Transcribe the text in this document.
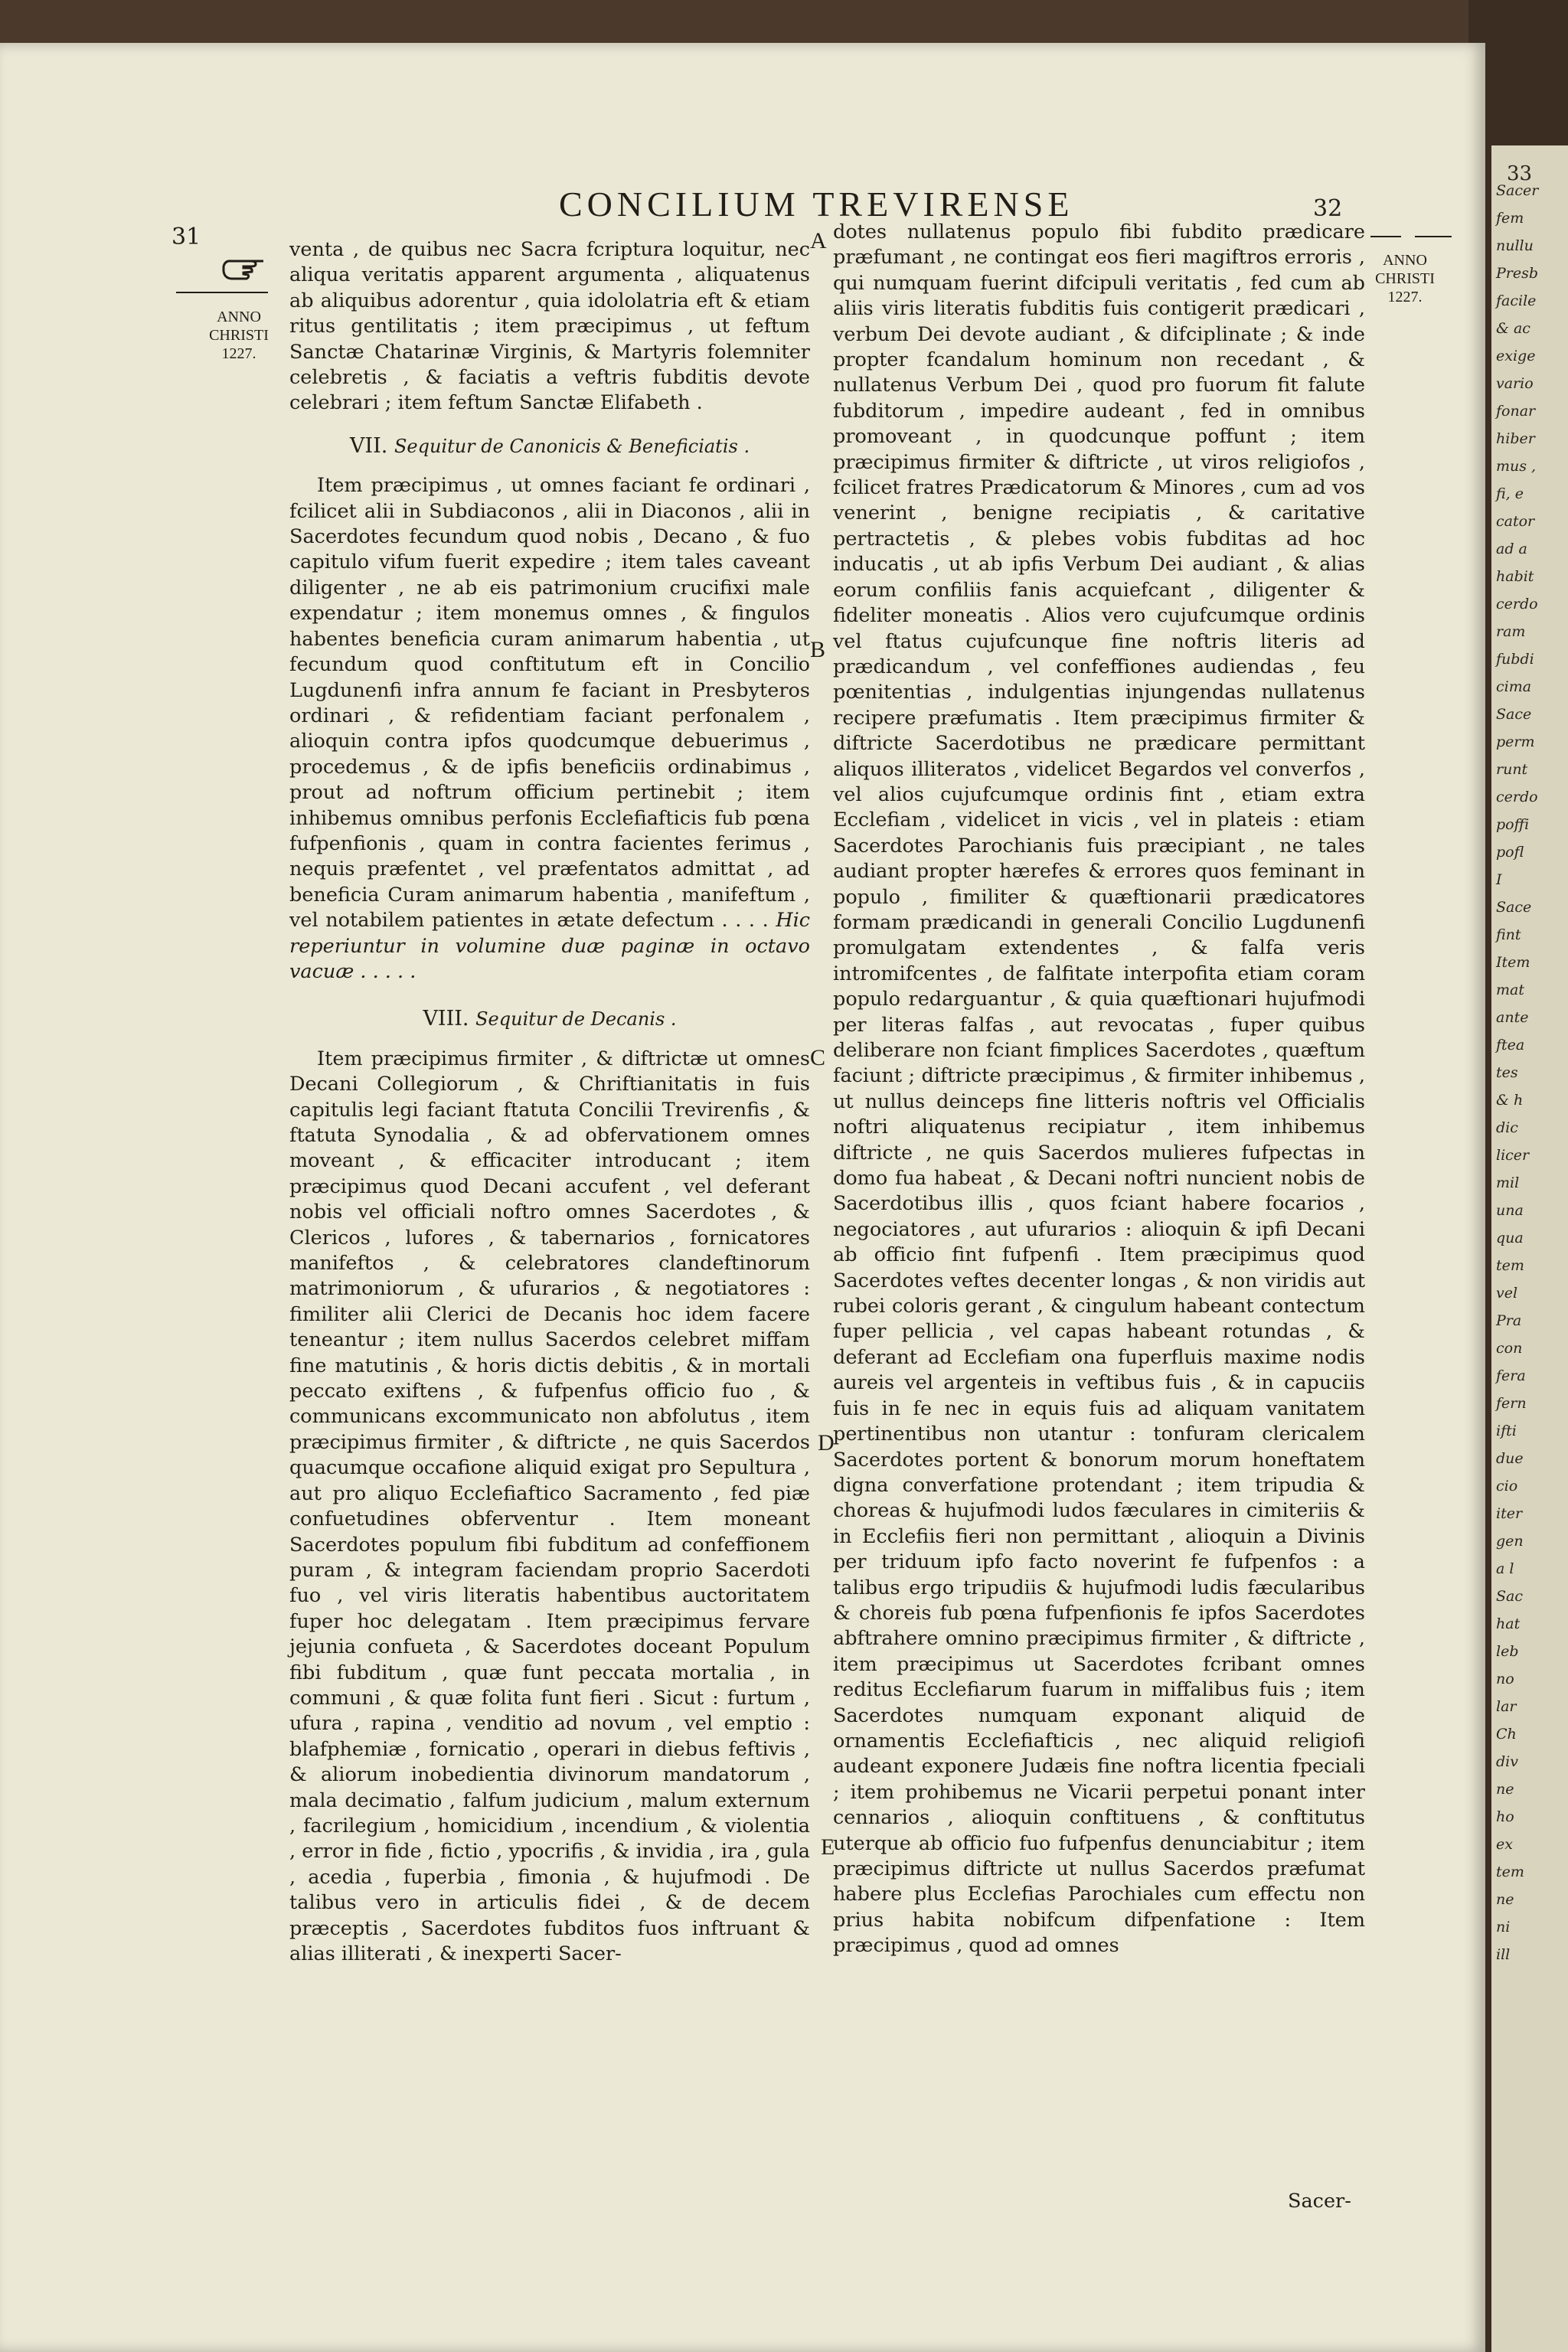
Sacer
fem
nullu
Presb
facile
& ac
exige
vario
fonar
hiber
mus ,
fi, e
cator
ad a
habit
cerdo
ram
fubdi
cima
Sace
perm
runt
cerdo
poffi
pofl
I
Sace
fint
Item
mat
ante
ftea
tes
& h
dic
licer
mil
una
qua
tem
vel
Pra
con
fera
fern
ifti
due
cio
iter
gen
a l
Sac
hat
leb
no
lar
Ch
div
ne
ho
ex
tem
ne
ni
ill
33
31
CONCILIUM TREVIRENSE	32
ANNO
CHRISTI
1227.
ANNO
CHRISTI
1227.
A
B
C
D
E

venta , de quibus nec Sacra fcriptura loquitur, nec aliqua veritatis apparent argumenta , aliquatenus ab aliquibus adorentur , quia idololatria eft & etiam ritus gentilitatis ; item præcipimus , ut feftum Sanctæ Chatarinæ Virginis, & Martyris folemniter celebretis , & faciatis a veftris fubditis devote celebrari ; item feftum Sanctæ Elifabeth .

VII. Sequitur de Canonicis & Beneficiatis .

Item præcipimus , ut omnes faciant fe ordinari , fcilicet alii in Subdiaconos , alii in Diaconos , alii in Sacerdotes fecundum quod nobis , Decano , & fuo capitulo vifum fuerit expedire ; item tales caveant diligenter , ne ab eis patrimonium crucifixi male expendatur ; item monemus omnes , & fingulos habentes beneficia curam animarum habentia , ut fecundum quod conftitutum eft in Concilio Lugdunenfi infra annum fe faciant in Presbyteros ordinari , & refidentiam faciant perfonalem , alioquin contra ipfos quodcumque debuerimus , procedemus , & de ipfis beneficiis ordinabimus , prout ad noftrum officium pertinebit ; item inhibemus omnibus perfonis Ecclefiafticis fub pœna fufpenfionis , quam in contra facientes ferimus , nequis præfentet , vel præfentatos admittat , ad beneficia Curam animarum habentia , manifeftum , vel notabilem patientes in ætate defectum . . . . Hic reperiuntur in volumine duæ paginæ in octavo vacuæ . . . . .

VIII. Sequitur de Decanis .

Item præcipimus firmiter , & diftrictæ ut omnes Decani Collegiorum , & Chriftianitatis in fuis capitulis legi faciant ftatuta Concilii Trevirenfis , & ftatuta Synodalia , & ad obfervationem omnes moveant , & efficaciter introducant ; item præcipimus quod Decani accufent , vel deferant nobis vel officiali noftro omnes Sacerdotes , & Clericos , lufores , & tabernarios , fornicatores manifeftos , & celebratores clandeftinorum matrimoniorum , & ufurarios , & negotiatores : fimiliter alii Clerici de Decanis hoc idem facere teneantur ; item nullus Sacerdos celebret miffam fine matutinis , & horis dictis debitis , & in mortali peccato exiftens , & fufpenfus officio fuo , & communicans excommunicato non abfolutus , item præcipimus firmiter , & diftricte , ne quis Sacerdos quacumque occafione aliquid exigat pro Sepultura , aut pro aliquo Ecclefiaftico Sacramento , fed piæ confuetudines obferventur . Item moneant Sacerdotes populum fibi fubditum ad confeffionem puram , & integram faciendam proprio Sacerdoti fuo , vel viris literatis habentibus auctoritatem fuper hoc delegatam . Item præcipimus fervare jejunia confueta , & Sacerdotes doceant Populum fibi fubditum , quæ funt peccata mortalia , in communi , & quæ folita funt fieri . Sicut : furtum , ufura , rapina , venditio ad novum , vel emptio : blafphemiæ , fornicatio , operari in diebus feftivis , & aliorum inobedientia divinorum mandatorum , mala decimatio , falfum judicium , malum externum , facrilegium , homicidium , incendium , & violentia , error in fide , fictio , ypocrifis , & invidia , ira , gula , acedia , fuperbia , fimonia , & hujufmodi . De talibus vero in articulis fidei , & de decem præceptis , Sacerdotes fubditos fuos inftruant & alias illiterati , & inexperti Sacer-

dotes nullatenus populo fibi fubdito prædicare præfumant , ne contingat eos fieri magiftros erroris , qui numquam fuerint difcipuli veritatis , fed cum ab aliis viris literatis fubditis fuis contigerit prædicari , verbum Dei devote audiant , & difciplinate ; & inde propter fcandalum hominum non recedant , & nullatenus Verbum Dei , quod pro fuorum fit falute fubditorum , impedire audeant , fed in omnibus promoveant , in quodcunque poffunt ; item præcipimus firmiter & diftricte , ut viros religiofos , fcilicet fratres Prædicatorum & Minores , cum ad vos venerint , benigne recipiatis , & caritative pertractetis , & plebes vobis fubditas ad hoc inducatis , ut ab ipfis Verbum Dei audiant , & alias eorum confiliis fanis acquiefcant , diligenter & fideliter moneatis . Alios vero cujufcumque ordinis vel ftatus cujufcunque fine noftris literis ad prædicandum , vel confeffiones audiendas , feu pœnitentias , indulgentias injungendas nullatenus recipere præfumatis . Item præcipimus firmiter & diftricte Sacerdotibus ne prædicare permittant aliquos illiteratos , videlicet Begardos vel converfos , vel alios cujufcumque ordinis fint , etiam extra Ecclefiam , videlicet in vicis , vel in plateis : etiam Sacerdotes Parochianis fuis præcipiant , ne tales audiant propter hærefes & errores quos feminant in populo , fimiliter & quæftionarii prædicatores formam prædicandi in generali Concilio Lugdunenfi promulgatam extendentes , & falfa veris intromifcentes , de falfitate interpofita etiam coram populo redarguantur , & quia quæftionari hujufmodi per literas falfas , aut revocatas , fuper quibus deliberare non fciant fimplices Sacerdotes , quæftum faciunt ; diftricte præcipimus , & firmiter inhibemus , ut nullus deinceps fine litteris noftris vel Officialis noftri aliquatenus recipiatur , item inhibemus diftricte , ne quis Sacerdos mulieres fufpectas in domo fua habeat , & Decani noftri nuncient nobis de Sacerdotibus illis , quos fciant habere focarios , negociatores , aut ufurarios : alioquin & ipfi Decani ab officio fint fufpenfi . Item præcipimus quod Sacerdotes veftes decenter longas , & non viridis aut rubei coloris gerant , & cingulum habeant contectum fuper pellicia , vel capas habeant rotundas , & deferant ad Ecclefiam ona fuperfluis maxime nodis aureis vel argenteis in veftibus fuis , & in capuciis fuis in fe nec in equis fuis ad aliquam vanitatem pertinentibus non utantur : tonfuram clericalem Sacerdotes portent & bonorum morum honeftatem digna converfatione protendant ; item tripudia & choreas & hujufmodi ludos fæculares in cimiteriis & in Ecclefiis fieri non permittant , alioquin a Divinis per triduum ipfo facto noverint fe fufpenfos : a talibus ergo tripudiis & hujufmodi ludis fæcularibus & choreis fub pœna fufpenfionis fe ipfos Sacerdotes abftrahere omnino præcipimus firmiter , & diftricte , item præcipimus ut Sacerdotes fcribant omnes reditus Ecclefiarum fuarum in miffalibus fuis ; item Sacerdotes numquam exponant aliquid de ornamentis Ecclefiafticis , nec aliquid religiofi audeant exponere Judæis fine noftra licentia fpeciali ; item prohibemus ne Vicarii perpetui ponant inter cennarios , alioquin conftituens , & conftitutus uterque ab officio fuo fufpenfus denunciabitur ; item præcipimus diftricte ut nullus Sacerdos præfumat habere plus Ecclefias Parochiales cum effectu non prius habita nobifcum difpenfatione : Item præcipimus , quod ad omnes

Sacer-
